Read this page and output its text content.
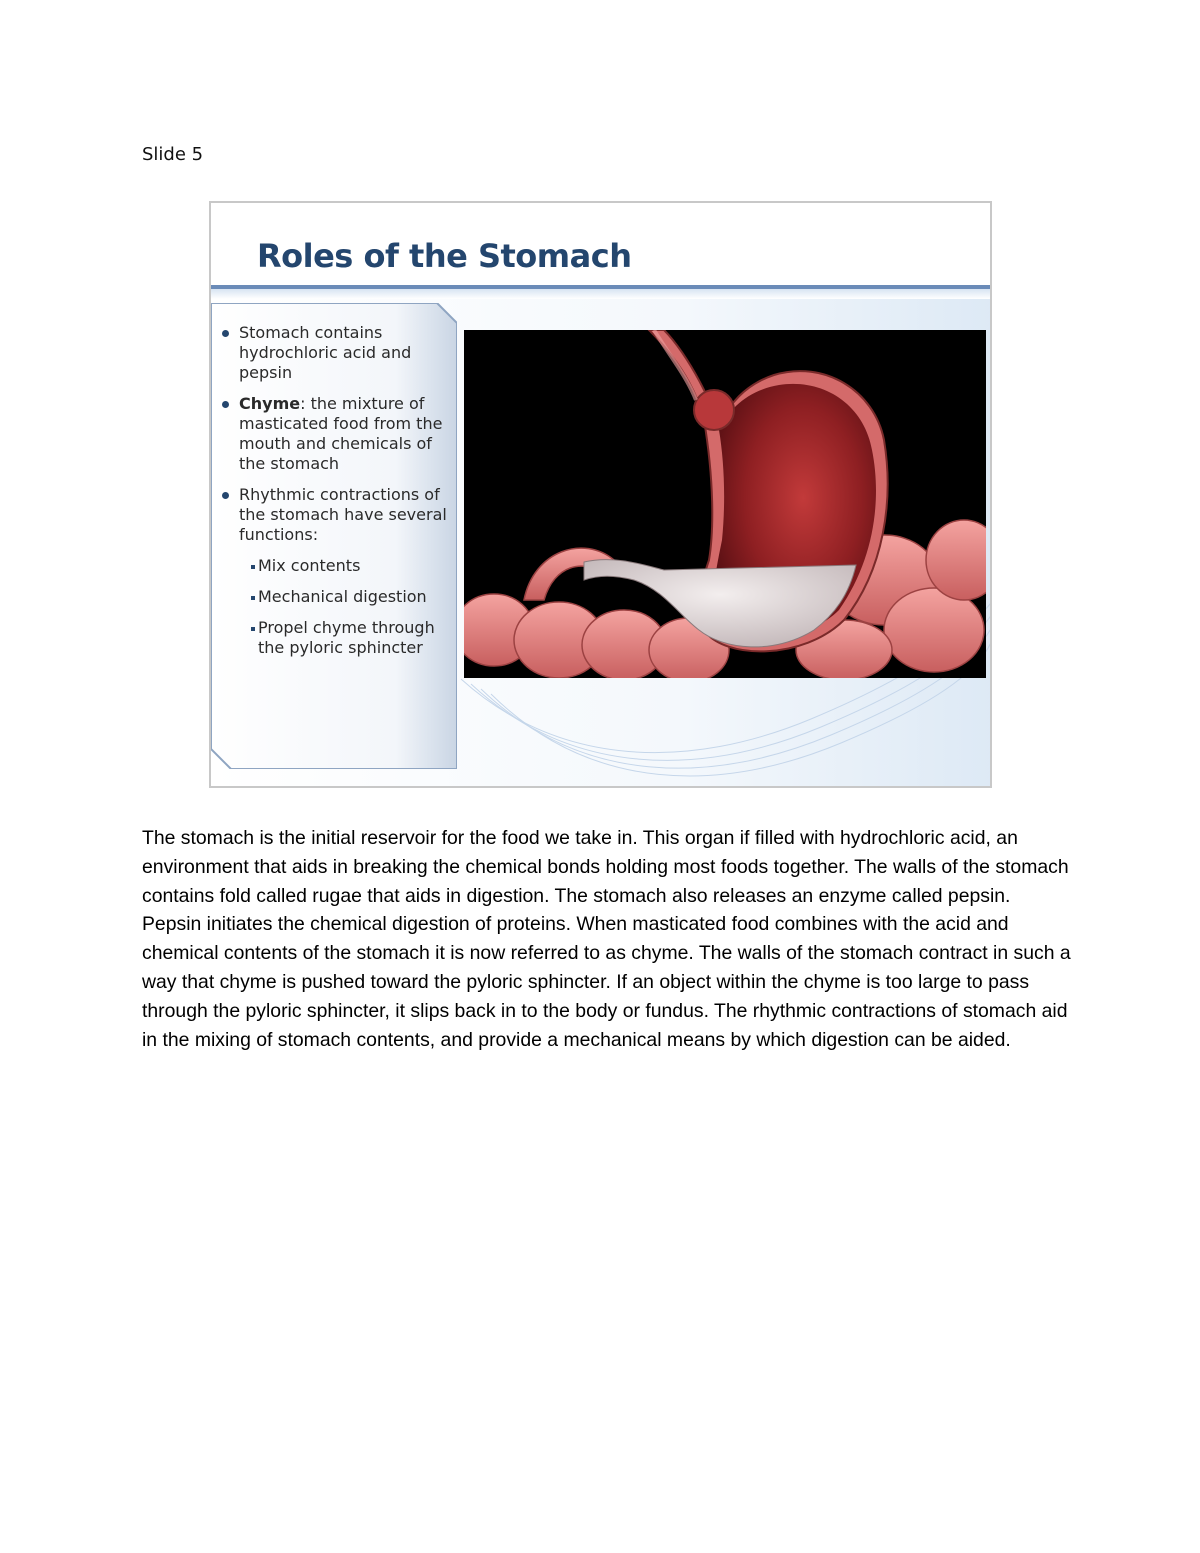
Slide 5
Roles of the Stomach
Stomach contains hydrochloric acid and pepsin
Chyme: the mixture of masticated food from the mouth and chemicals of the stomach
Rhythmic contractions of the stomach have several functions:
Mix contents
Mechanical digestion
Propel chyme through the pyloric sphincter
The stomach is the initial reservoir for the food we take in. This organ if filled with hydrochloric acid, an environment that aids in breaking the chemical bonds holding most foods together. The walls of the stomach contains fold called rugae that aids in digestion. The stomach also releases an enzyme called pepsin. Pepsin initiates the chemical digestion of proteins. When masticated food combines with the acid and chemical contents of the stomach it is now referred to as chyme. The walls of the stomach contract in such a way that chyme is pushed toward the pyloric sphincter. If an object within the chyme is too large to pass through the pyloric sphincter, it slips back in to the body or fundus. The rhythmic contractions of stomach aid in the mixing of stomach contents, and provide a mechanical means by which digestion can be aided.
